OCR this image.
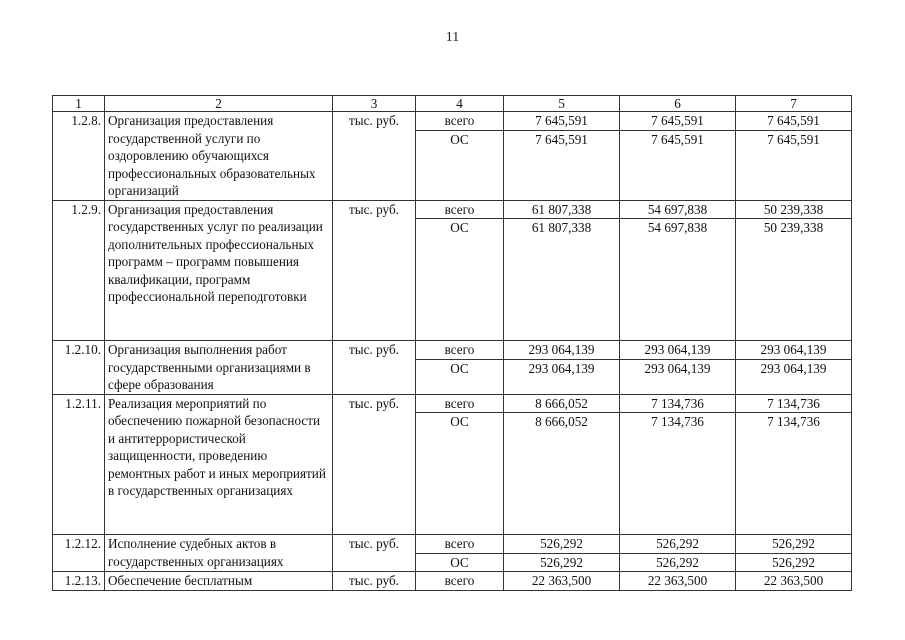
11
1	2	3	4	5	6	7
1.2.8.	Организация предоставления государственной услуги по оздоровлению обучающихся профессиональных образовательных организаций	тыс. руб.	всего	7 645,591	7 645,591	7 645,591
			ОС	7 645,591	7 645,591	7 645,591
1.2.9.	Организация предоставления государственных услуг по реализации дополнительных профессиональных программ – программ повышения квалификации, программ профессиональной переподготовки	тыс. руб.	всего	61 807,338	54 697,838	50 239,338
			ОС	61 807,338	54 697,838	50 239,338
1.2.10.	Организация выполнения работ государственными организациями в сфере образования	тыс. руб.	всего	293 064,139	293 064,139	293 064,139
			ОС	293 064,139	293 064,139	293 064,139
1.2.11.	Реализация мероприятий по обеспечению пожарной безопасности и антитеррористической защищенности, проведению ремонтных работ и иных мероприятий в государственных организациях	тыс. руб.	всего	8 666,052	7 134,736	7 134,736
			ОС	8 666,052	7 134,736	7 134,736
1.2.12.	Исполнение судебных актов в государственных организациях	тыс. руб.	всего	526,292	526,292	526,292
			ОС	526,292	526,292	526,292
1.2.13.	Обеспечение бесплатным	тыс. руб.	всего	22 363,500	22 363,500	22 363,500
